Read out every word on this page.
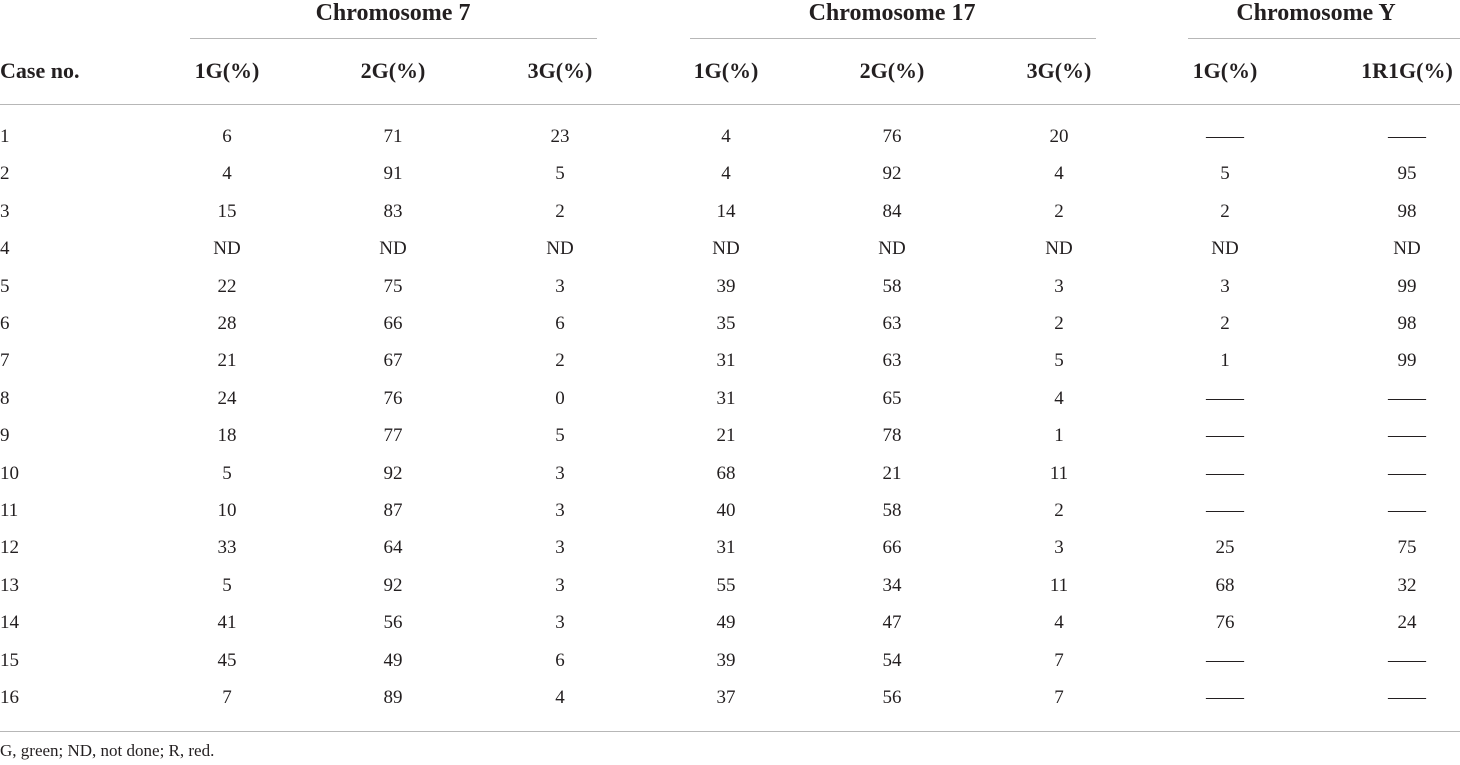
Chromosome 7	Chromosome 17	Chromosome Y
Case no.	1G(%)	2G(%)	3G(%)	1G(%)	2G(%)	3G(%)	1G(%)	1R1G(%)
1	6	71	23	4	76	20	——	——
2	4	91	5	4	92	4	5	95
3	15	83	2	14	84	2	2	98
4	ND	ND	ND	ND	ND	ND	ND	ND
5	22	75	3	39	58	3	3	99
6	28	66	6	35	63	2	2	98
7	21	67	2	31	63	5	1	99
8	24	76	0	31	65	4	——	——
9	18	77	5	21	78	1	——	——
10	5	92	3	68	21	11	——	——
11	10	87	3	40	58	2	——	——
12	33	64	3	31	66	3	25	75
13	5	92	3	55	34	11	68	32
14	41	56	3	49	47	4	76	24
15	45	49	6	39	54	7	——	——
16	7	89	4	37	56	7	——	——
G, green; ND, not done; R, red.
